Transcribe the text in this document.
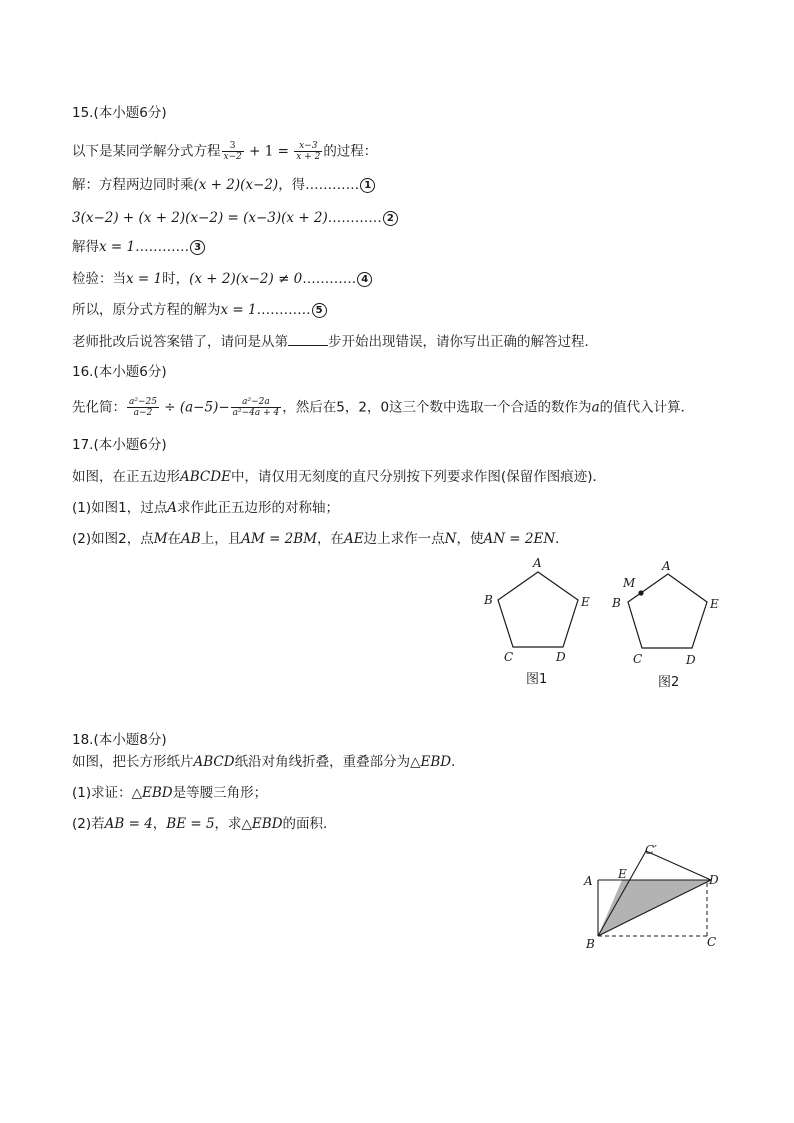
15.(本小题6分)
以下是某同学解分式方程 $\frac{3}{x-2} + 1 = \frac{x-3}{x + 2}$ 的过程：
解：方程两边同时乘(x + 2)(x−2)，得………… 1
3(x−2) + (x + 2)(x−2) = (x−3)(x + 2)………… 2
解得x = 1………… 3
检验：当x = 1时，(x + 2)(x−2) ≠ 0………… 4
所以，原分式方程的解为x = 1………… 5
老师批改后说答案错了，请问是从第	步开始出现错误，请你写出正确的解答过程．
16.(本小题6分)
先化简： $\frac{\text{a²−25}}{a-2} \div (a-5)- \frac{\text{a²−2a}}{\text{a²−4a + 4}}$ ，然后在5，2，0这三个数中选取一个合适的数作为a的值代入计算．
17.(本小题6分)
如图，在正五边形ABCDE中，请仅用无刻度的直尺分别按下列要求作图(保留作图痕迹)．
(1)如图1，过点A求作此正五边形的对称轴；
(2)如图2，点M在AB上，且AM = 2BM，在AE边上求作一点N，使AN = 2EN．
A
B
C	D
E
图1
A
B
C	D
E
M
图2
18.(本小题8分)
如图，把长方形纸片ABCD纸沿对角线折叠，重叠部分为△EBD．
(1)求证：△EBD是等腰三角形；
(2)若AB = 4，BE = 5，求△EBD的面积．
A E
C′
D
B	C
